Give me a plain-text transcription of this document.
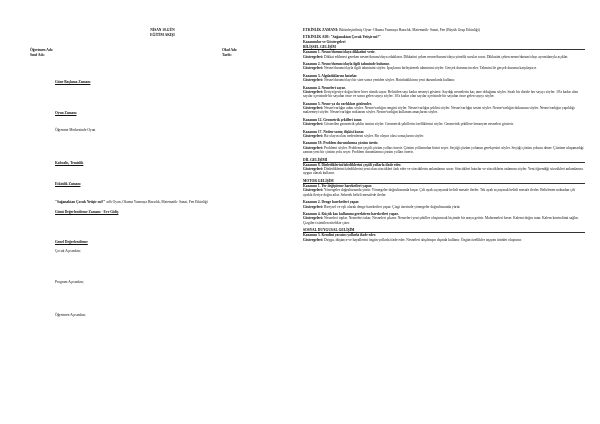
NİSAN 10.GÜN
EĞİTİM AKIŞI
Öğretmen Adı:
Sınıf Adı:
Okul Adı:
Tarih:
Güne Başlama Zamanı
Oyun Zamanı
Öğrenme Merkezinde Oyun
Kahvaltı, Temizlik
Etkinlik Zamanı
"Sağanaktan Çocuk Yetişir mi?" adlı Oyun, Okuma Yazmaya Hazırlık, Matematik- Sanat, Fen Etkinliği
Günü Değerlendirme Zamanı - Eve Gidiş
Genel Değerlendirme
Çocuk Açısından;
Program Açısından;
Öğretmen Açısından;
ETKİNLİK ZAMANI: Bütünleştirilmiş Oyun- Okuma Yazmaya Hazırlık, Matematik- Sanat, Fen (Büyük Grup Etkinliği)
ETKİNLİK ADI: "Sağanaktan Çocuk Yetişir mi?"
Kazanımlar ve Göstergeleri
BİLİŞSEL GELİŞİM
Kazanım 1. Nesne/durum/olaya dikkatini verir.
Göstergeleri: Dikkat edilmesi gereken nesne/durum/olaya odaklanır. Dikkatini çeken nesne/durum/olaya yönelik sorular sorar. Dikkatini çeken nesne/durum/olayı ayrıntılarıyla açıklar.
Kazanım 2. Nesne/durum/olayla ilgili tahminde bulunur.
Göstergeleri: Nesne/durum/olayla ilgili tahminini söyler. İpuçlarını birleştirerek tahminini söyler. Gerçek durumu inceler. Tahmini ile gerçek durumu karşılaştırır.
Kazanım 3. Algıladıklarını hatırlar.
Göstergeleri: Nesne/durum/olayı bir süre sonra yeniden söyler. Hatırladıklarını yeni durumlarda kullanır.
Kazanım 4. Nesneleri sayar.
Göstergeleri: İleriye/geriye doğru birer birer ritmik sayar. Belirtilen sayı kadar nesneyi gösterir. Saydığı nesnelerin kaç tane olduğunu söyler. Sıralı bir dizide her sayıyı söyler. 10'a kadar olan sayılar içerisinde bir sayıdan önce ve sonra gelen sayıyı söyler. 10'a kadar olan sayılar içerisinde bir sayıdan önce gelen sayıyı söyler.
Kazanım 5. Nesne ya da varlıkları gözlemler.
Göstergeleri: Nesne/varlığın adını söyler. Nesne/varlığın rengini söyler. Nesne/varlığın şeklini söyler. Nesne/varlığın sesini söyler. Nesne/varlığın dokusunu söyler. Nesne/varlığın yapıldığı malzemeyi söyler. Nesne/varlığın miktarını söyler. Nesne/varlığın kullanım amaçlarını söyler.
Kazanım 12. Geometrik şekilleri tanır.
Göstergeleri: Gösterilen geometrik şeklin ismini söyler. Geometrik şekillerin özelliklerini söyler. Geometrik şekillere benzeyen nesneleri gösterir.
Kazanım 17. Neden-sonuç ilişkisi kurar.
Göstergeleri: Bir olayın olası nedenlerini söyler. Bir olayın olası sonuçlarını söyler.
Kazanım 19. Problem durumlarına çözüm üretir.
Göstergeleri: Problemi söyler. Probleme çeşitli çözüm yolları önerir. Çözüm yollarından birini seçer. Seçtiği çözüm yolunun gerekçesini söyler. Seçtiği çözüm yolunu dener. Çözüme ulaşamadığı zaman yeni bir çözüm yolu seçer. Problem durumlarına çözüm yolları önerir.
DİL GELİŞİMİ
Kazanım 8. Dinlediklerini/izlediklerini çeşitli yollarla ifade eder.
Göstergeleri: Dinlediklerini/izlediklerini yeni olan sözcükleri fark eder ve sözcüklerin anlamlarını sorar. Sözcükleri hatırlar ve sözcüklerin anlamını söyler. Yeni öğrendiği sözcükleri anlamlarına uygun olarak kullanır.
MOTOR GELİŞİM
Kazanım 1. Yer değiştirme hareketleri yapar.
Göstergeleri: Yönergeler doğrultusunda yürür. Yönergeler doğrultusunda koşar. Çift ayak sıçrayarak belirli mesafe ilerler. Tek ayak sıçrayarak belirli mesafe ilerler. Belirlenen noktadan çift ayakla ileriye doğru atlar. Sekerek belirli mesafede ilerler.
Kazanım 2. Denge hareketleri yapar.
Göstergeleri: Bireysel ve eşli olarak denge hareketleri yapar. Çizgi üzerinde yönergeler doğrultusunda yürür.
Kazanım 4. Küçük kas kullanımı gerektiren hareketleri yapar.
Göstergeleri: Nesneleri toplar. Nesneleri takar. Nesneleri çıkarır. Nesneleri yeni şekiller oluşturacak biçimde bir araya getirir. Malzemeleri keser. Kalemi doğru tutar. Kalem kontrolünü sağlar. Çizgileri istenilen nitelikte çizer.
SOSYAL DUYGUSAL GELİŞİM
Kazanım 3. Kendini yaratıcı yollarla ifade eder.
Göstergeleri: Duygu, düşünce ve hayallerini özgün yollarla ifade eder. Nesneleri alışılmışın dışında kullanır. Özgün özellikler taşıyan ürünler oluşturur.
